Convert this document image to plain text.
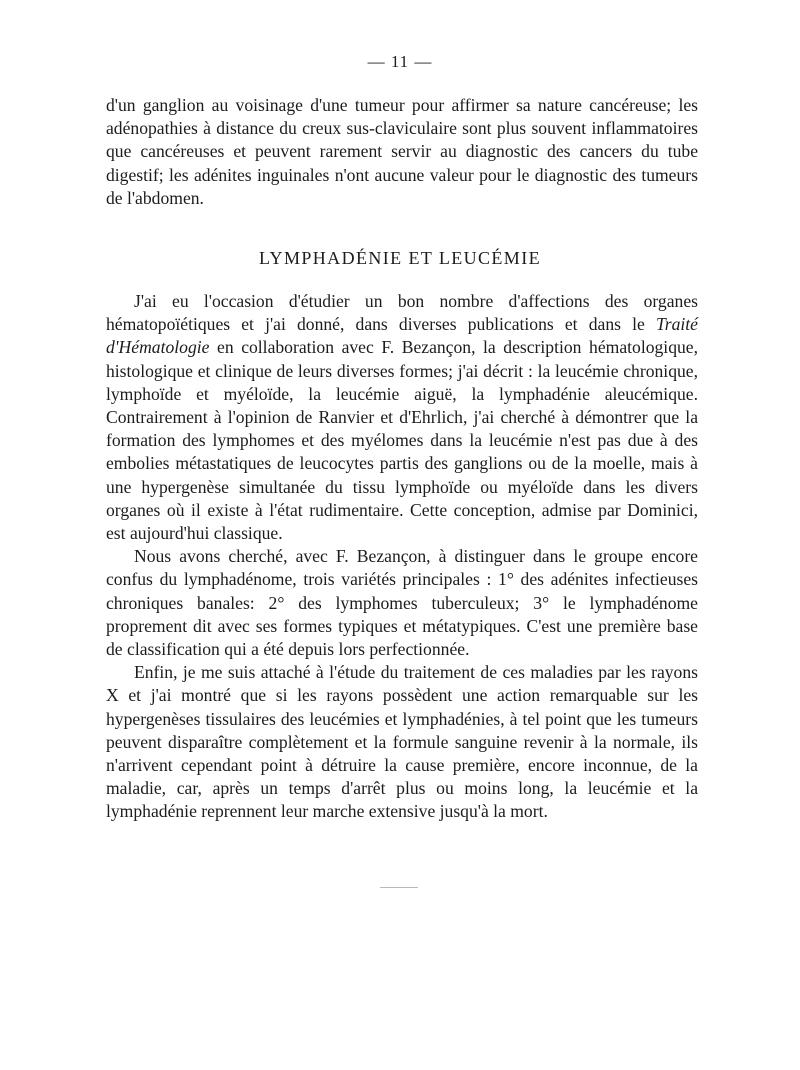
— 11 —

d'un ganglion au voisinage d'une tumeur pour affirmer sa nature cancéreuse; les adénopathies à distance du creux sus-claviculaire sont plus souvent inflammatoires que cancéreuses et peuvent rarement servir au diagnostic des cancers du tube digestif; les adénites inguinales n'ont aucune valeur pour le diagnostic des tumeurs de l'abdomen.

LYMPHADÉNIE ET LEUCÉMIE

J'ai eu l'occasion d'étudier un bon nombre d'affections des organes hématopoïétiques et j'ai donné, dans diverses publications et dans le Traité d'Hématologie en collaboration avec F. Bezançon, la description hématologique, histologique et clinique de leurs diverses formes; j'ai décrit : la leucémie chronique, lymphoïde et myéloïde, la leucémie aiguë, la lymphadénie aleucémique. Contrairement à l'opinion de Ranvier et d'Ehrlich, j'ai cherché à démontrer que la formation des lymphomes et des myélomes dans la leucémie n'est pas due à des embolies métastatiques de leucocytes partis des ganglions ou de la moelle, mais à une hypergenèse simultanée du tissu lymphoïde ou myéloïde dans les divers organes où il existe à l'état rudimentaire. Cette conception, admise par Dominici, est aujourd'hui classique.

Nous avons cherché, avec F. Bezançon, à distinguer dans le groupe encore confus du lymphadénome, trois variétés principales : 1° des adénites infectieuses chroniques banales: 2° des lymphomes tuberculeux; 3° le lymphadénome proprement dit avec ses formes typiques et métatypiques. C'est une première base de classification qui a été depuis lors perfectionnée.

Enfin, je me suis attaché à l'étude du traitement de ces maladies par les rayons X et j'ai montré que si les rayons possèdent une action remarquable sur les hypergenèses tissulaires des leucémies et lymphadénies, à tel point que les tumeurs peuvent disparaître complètement et la formule sanguine revenir à la normale, ils n'arrivent cependant point à détruire la cause première, encore inconnue, de la maladie, car, après un temps d'arrêt plus ou moins long, la leucémie et la lymphadénie reprennent leur marche extensive jusqu'à la mort.
